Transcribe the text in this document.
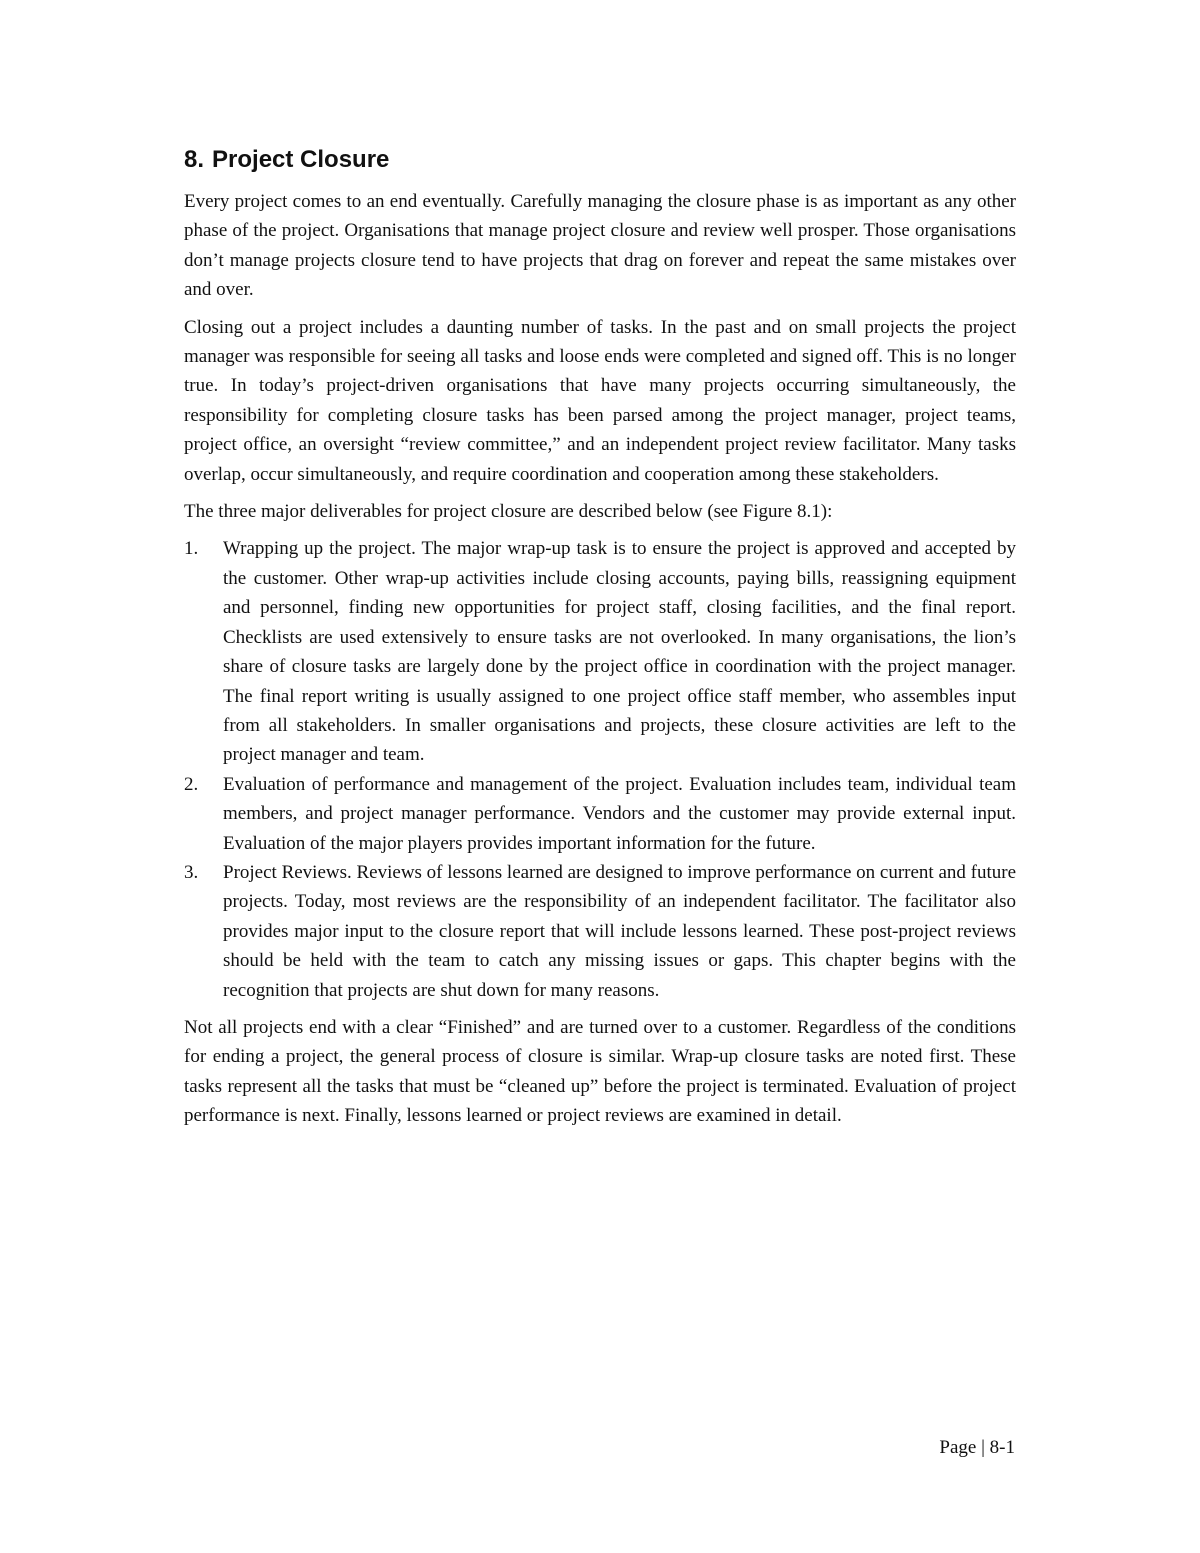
8. Project Closure

Every project comes to an end eventually. Carefully managing the closure phase is as important as any other phase of the project. Organisations that manage project closure and review well prosper. Those organisations don’t manage projects closure tend to have projects that drag on forever and repeat the same mistakes over and over.

Closing out a project includes a daunting number of tasks. In the past and on small projects the project manager was responsible for seeing all tasks and loose ends were completed and signed off. This is no longer true. In today’s project-driven organisations that have many projects occurring simultaneously, the responsibility for completing closure tasks has been parsed among the project manager, project teams, project office, an oversight “review committee,” and an independent project review facilitator. Many tasks overlap, occur simultaneously, and require coordination and cooperation among these stakeholders.

The three major deliverables for project closure are described below (see Figure 8.1):

1. Wrapping up the project. The major wrap-up task is to ensure the project is approved and accepted by the customer. Other wrap-up activities include closing accounts, paying bills, reassigning equipment and personnel, finding new opportunities for project staff, closing facilities, and the final report. Checklists are used extensively to ensure tasks are not overlooked. In many organisations, the lion’s share of closure tasks are largely done by the project office in coordination with the project manager. The final report writing is usually assigned to one project office staff member, who assembles input from all stakeholders. In smaller organisations and projects, these closure activities are left to the project manager and team.
2. Evaluation of performance and management of the project. Evaluation includes team, individual team members, and project manager performance. Vendors and the customer may provide external input. Evaluation of the major players provides important information for the future.
3. Project Reviews. Reviews of lessons learned are designed to improve performance on current and future projects. Today, most reviews are the responsibility of an independent facilitator. The facilitator also provides major input to the closure report that will include lessons learned. These post-project reviews should be held with the team to catch any missing issues or gaps. This chapter begins with the recognition that projects are shut down for many reasons.

Not all projects end with a clear “Finished” and are turned over to a customer. Regardless of the conditions for ending a project, the general process of closure is similar. Wrap-up closure tasks are noted first. These tasks represent all the tasks that must be “cleaned up” before the project is terminated. Evaluation of project performance is next. Finally, lessons learned or project reviews are examined in detail.

Page | 8-1
